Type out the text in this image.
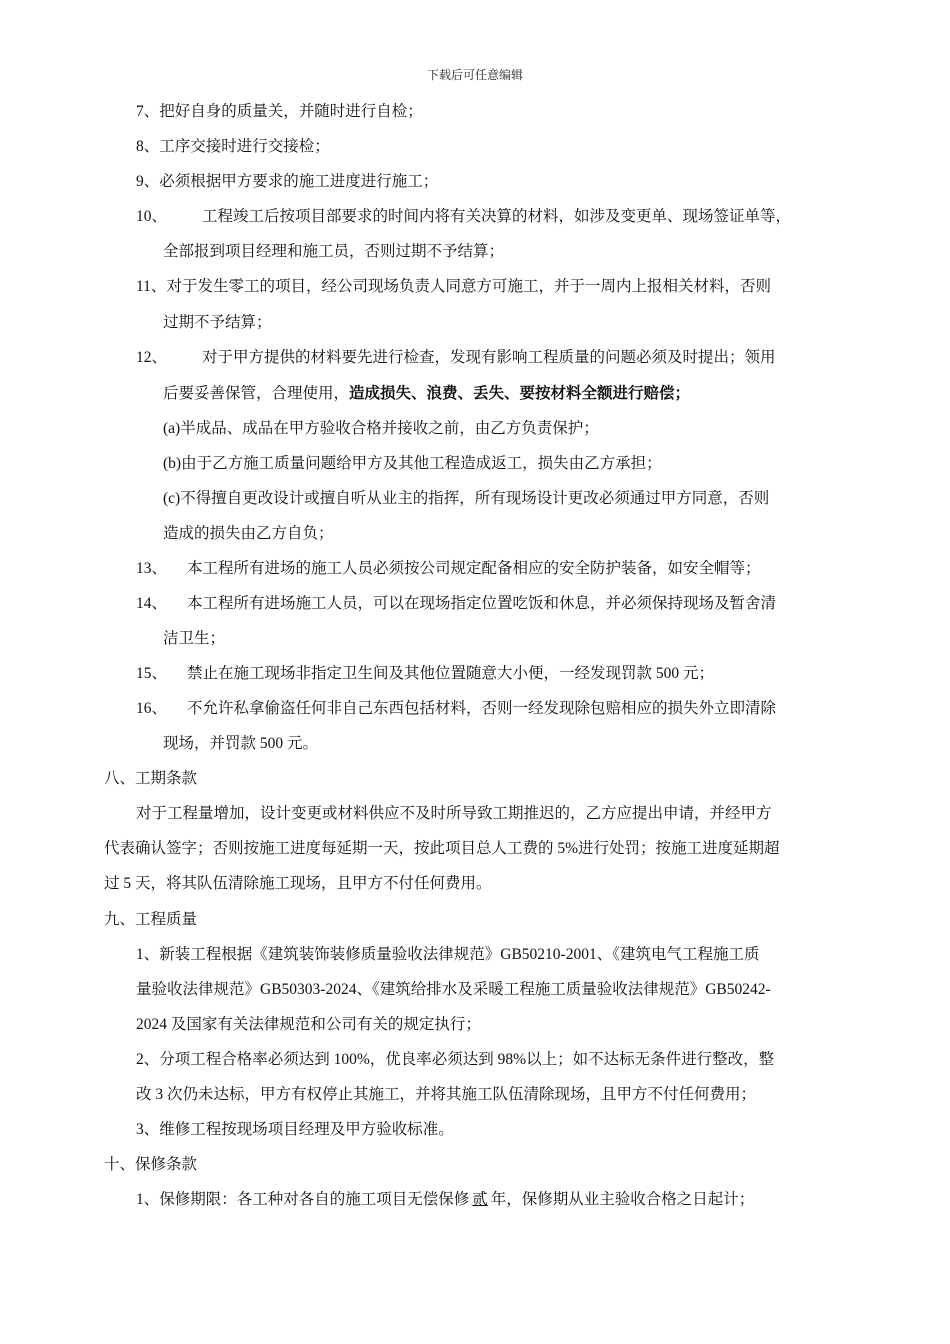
下载后可任意编辑
7、把好自身的质量关，并随时进行自检；
8、工序交接时进行交接检；
9、必须根据甲方要求的施工进度进行施工；
10、 工程竣工后按项目部要求的时间内将有关决算的材料，如涉及变更单、现场签证单等，
全部报到项目经理和施工员，否则过期不予结算；
11、对于发生零工的项目，经公司现场负责人同意方可施工，并于一周内上报相关材料，否则
过期不予结算；
12、 对于甲方提供的材料要先进行检查，发现有影响工程质量的问题必须及时提出；领用
后要妥善保管，合理使用，造成损失、浪费、丢失、要按材料全额进行赔偿；
(a)半成品、成品在甲方验收合格并接收之前，由乙方负责保护；
(b)由于乙方施工质量问题给甲方及其他工程造成返工，损失由乙方承担；
(c)不得擅自更改设计或擅自听从业主的指挥，所有现场设计更改必须通过甲方同意，否则
造成的损失由乙方自负；
13、 本工程所有进场的施工人员必须按公司规定配备相应的安全防护装备，如安全帽等；
14、 本工程所有进场施工人员，可以在现场指定位置吃饭和休息，并必须保持现场及暂舍清
洁卫生；
15、 禁止在施工现场非指定卫生间及其他位置随意大小便，一经发现罚款 500 元；
16、 不允许私拿偷盗任何非自己东西包括材料，否则一经发现除包赔相应的损失外立即清除
现场，并罚款 500 元。
八、工期条款
对于工程量增加，设计变更或材料供应不及时所导致工期推迟的，乙方应提出申请，并经甲方
代表确认签字；否则按施工进度每延期一天，按此项目总人工费的 5%进行处罚；按施工进度延期超
过 5 天，将其队伍清除施工现场，且甲方不付任何费用。
九、工程质量
1、新装工程根据《建筑装饰装修质量验收法律规范》GB50210-2001、《建筑电气工程施工质
量验收法律规范》GB50303-2024、《建筑给排水及采暖工程施工质量验收法律规范》GB50242-
2024 及国家有关法律规范和公司有关的规定执行；
2、分项工程合格率必须达到 100%，优良率必须达到 98%以上；如不达标无条件进行整改，整
改 3 次仍未达标，甲方有权停止其施工，并将其施工队伍清除现场，且甲方不付任何费用；
3、维修工程按现场项目经理及甲方验收标准。
十、保修条款
1、保修期限：各工种对各自的施工项目无偿保修 贰 年，保修期从业主验收合格之日起计；
